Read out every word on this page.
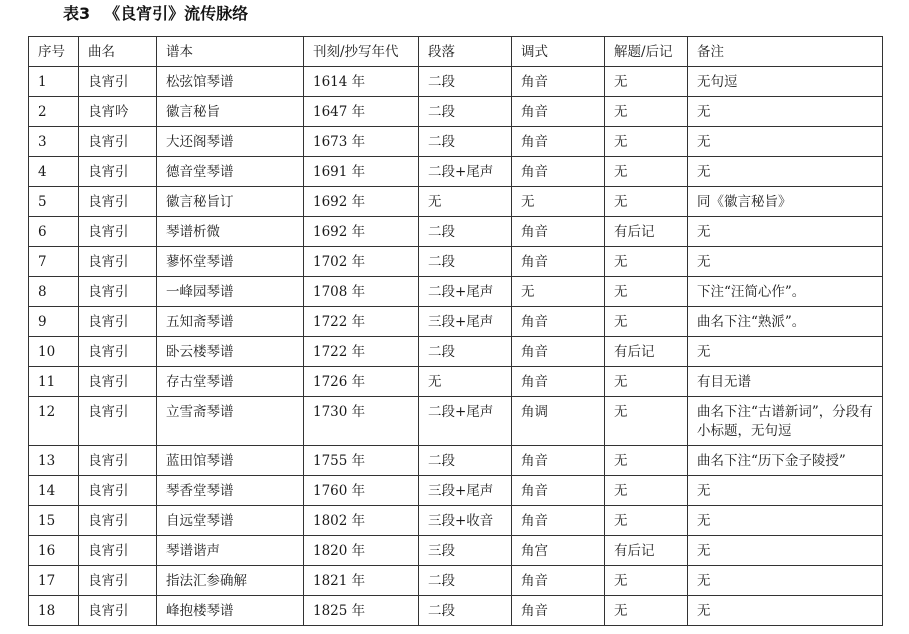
表3 《良宵引》流传脉络
序号	曲名	谱本	刊刻/抄写年代	段落	调式	解题/后记	备注
1	良宵引	松弦馆琴谱	1614 年	二段	角音	无	无句逗
2	良宵吟	徽言秘旨	1647 年	二段	角音	无	无
3	良宵引	大还阁琴谱	1673 年	二段	角音	无	无
4	良宵引	德音堂琴谱	1691 年	二段+尾声	角音	无	无
5	良宵引	徽言秘旨订	1692 年	无	无	无	同《徽言秘旨》
6	良宵引	琴谱析微	1692 年	二段	角音	有后记	无
7	良宵引	蓼怀堂琴谱	1702 年	二段	角音	无	无
8	良宵引	一峰园琴谱	1708 年	二段+尾声	无	无	下注“汪简心作”。
9	良宵引	五知斋琴谱	1722 年	三段+尾声	角音	无	曲名下注“熟派”。
10	良宵引	卧云楼琴谱	1722 年	二段	角音	有后记	无
11	良宵引	存古堂琴谱	1726 年	无	角音	无	有目无谱
12	良宵引	立雪斋琴谱	1730 年	二段+尾声	角调	无	曲名下注“古谱新词”，分段有小标题，无句逗
13	良宵引	蓝田馆琴谱	1755 年	二段	角音	无	曲名下注“历下金子陵授”
14	良宵引	琴香堂琴谱	1760 年	三段+尾声	角音	无	无
15	良宵引	自远堂琴谱	1802 年	三段+收音	角音	无	无
16	良宵引	琴谱谐声	1820 年	三段	角宫	有后记	无
17	良宵引	指法汇参确解	1821 年	二段	角音	无	无
18	良宵引	峰抱楼琴谱	1825 年	二段	角音	无	无
